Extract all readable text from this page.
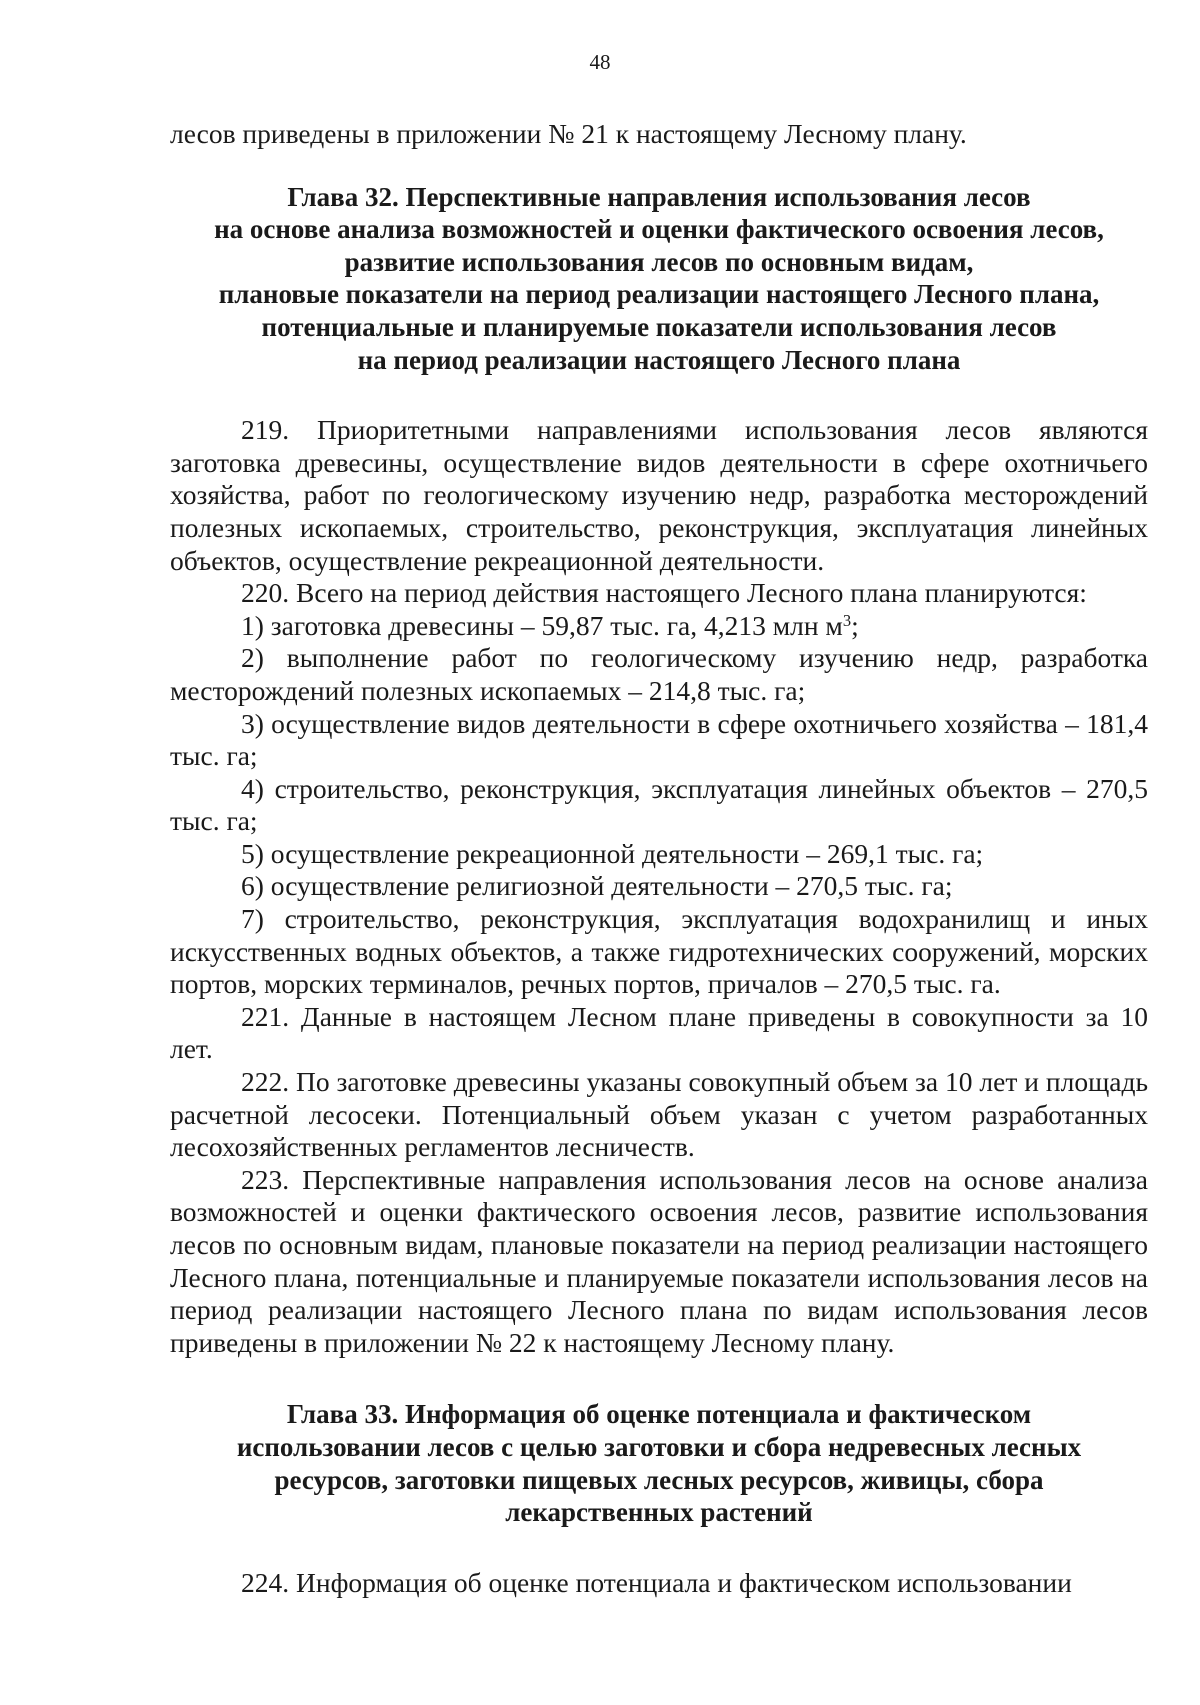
48

лесов приведены в приложении № 21 к настоящему Лесному плану.

Глава 32. Перспективные направления использования лесов
на основе анализа возможностей и оценки фактического освоения лесов,
развитие использования лесов по основным видам,
плановые показатели на период реализации настоящего Лесного плана,
потенциальные и планируемые показатели использования лесов
на период реализации настоящего Лесного плана

219. Приоритетными направлениями использования лесов являются заготовка древесины, осуществление видов деятельности в сфере охотничьего хозяйства, работ по геологическому изучению недр, разработка месторождений полезных ископаемых, строительство, реконструкция, эксплуатация линейных объектов, осуществление рекреационной деятельности.

220. Всего на период действия настоящего Лесного плана планируются:

1) заготовка древесины – 59,87 тыс. га, 4,213 млн $м^3$;

2) выполнение работ по геологическому изучению недр, разработка месторождений полезных ископаемых – 214,8 тыс. га;

3) осуществление видов деятельности в сфере охотничьего хозяйства – 181,4 тыс. га;

4) строительство, реконструкция, эксплуатация линейных объектов – 270,5 тыс. га;

5) осуществление рекреационной деятельности – 269,1 тыс. га;

6) осуществление религиозной деятельности – 270,5 тыс. га;

7) строительство, реконструкция, эксплуатация водохранилищ и иных искусственных водных объектов, а также гидротехнических сооружений, морских портов, морских терминалов, речных портов, причалов – 270,5 тыс. га.

221. Данные в настоящем Лесном плане приведены в совокупности за 10 лет.

222. По заготовке древесины указаны совокупный объем за 10 лет и площадь расчетной лесосеки. Потенциальный объем указан с учетом разработанных лесохозяйственных регламентов лесничеств.

223. Перспективные направления использования лесов на основе анализа возможностей и оценки фактического освоения лесов, развитие использования лесов по основным видам, плановые показатели на период реализации настоящего Лесного плана, потенциальные и планируемые показатели использования лесов на период реализации настоящего Лесного плана по видам использования лесов приведены в приложении № 22 к настоящему Лесному плану.

Глава 33. Информация об оценке потенциала и фактическом
использовании лесов с целью заготовки и сбора недревесных лесных
ресурсов, заготовки пищевых лесных ресурсов, живицы, сбора
лекарственных растений

224. Информация об оценке потенциала и фактическом использовании
